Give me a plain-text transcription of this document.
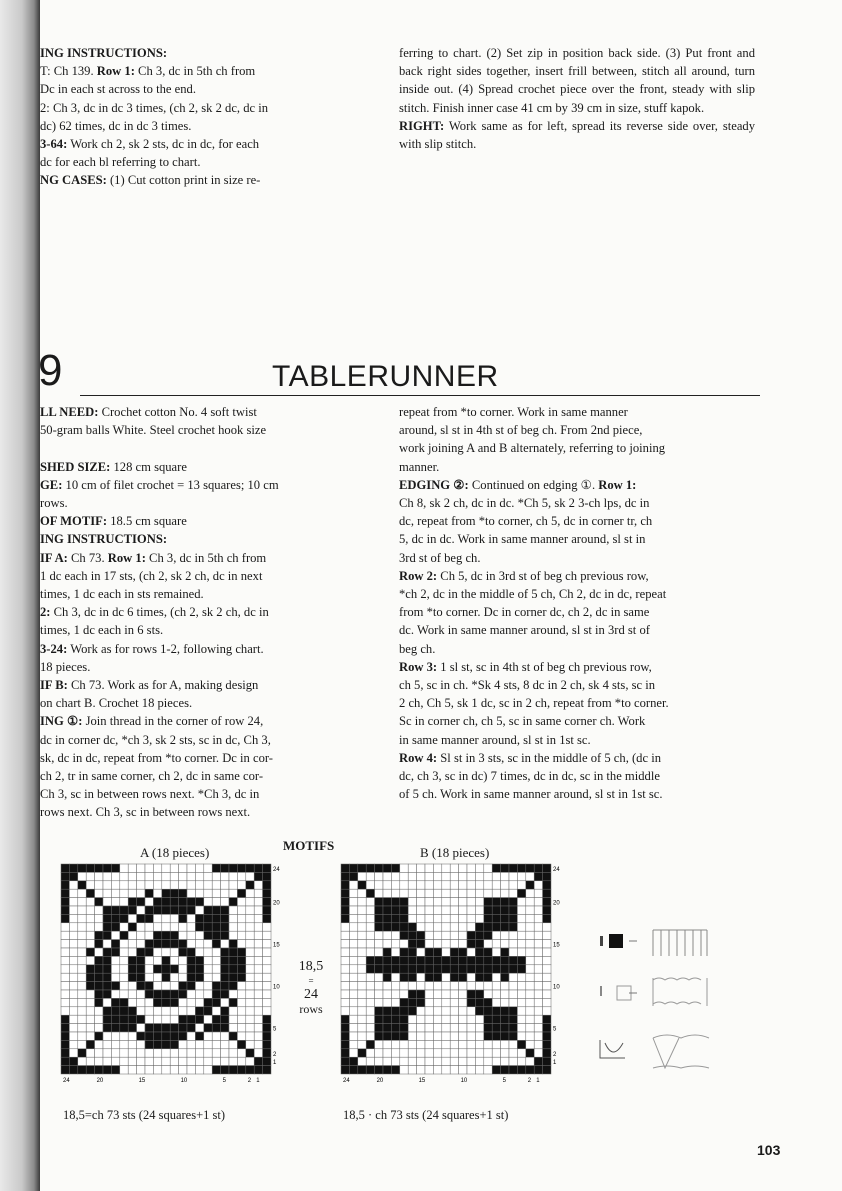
ING INSTRUCTIONS:

T: Ch 139. Row 1: Ch 3, dc in 5th ch from

Dc in each st across to the end.

2: Ch 3, dc in dc 3 times, (ch 2, sk 2 dc, dc in

dc) 62 times, dc in dc 3 times.

3-64: Work ch 2, sk 2 sts, dc in dc, for each

dc for each bl referring to chart.

NG CASES: (1) Cut cotton print in size re-

ferring to chart. (2) Set zip in position back side. (3) Put front and back right sides together, insert frill between, stitch all around, turn inside out. (4) Spread crochet piece over the front, steady with slip stitch. Finish inner case 41 cm by 39 cm in size, stuff kapok.

RIGHT: Work same as for left, spread its reverse side over, steady with slip stitch.

9	TABLERUNNER

LL NEED: Crochet cotton No. 4 soft twist

50-gram balls White. Steel crochet hook size

SHED SIZE: 128 cm square

GE: 10 cm of filet crochet = 13 squares; 10 cm

rows.

OF MOTIF: 18.5 cm square

ING INSTRUCTIONS:

IF A: Ch 73. Row 1: Ch 3, dc in 5th ch from

1 dc each in 17 sts, (ch 2, sk 2 ch, dc in next

times, 1 dc each in sts remained.

2: Ch 3, dc in dc 6 times, (ch 2, sk 2 ch, dc in

times, 1 dc each in 6 sts.

3-24: Work as for rows 1-2, following chart.

18 pieces.

IF B: Ch 73. Work as for A, making design

on chart B. Crochet 18 pieces.

ING ①: Join thread in the corner of row 24,

dc in corner dc, *ch 3, sk 2 sts, sc in dc, Ch 3,

sk, dc in dc, repeat from *to corner. Dc in cor-

ch 2, tr in same corner, ch 2, dc in same cor-

Ch 3, sc in between rows next. *Ch 3, dc in

rows next. Ch 3, sc in between rows next.

repeat from *to corner. Work in same manner

around, sl st in 4th st of beg ch. From 2nd piece,

work joining A and B alternately, referring to joining

manner.

EDGING ②: Continued on edging ①. Row 1:

Ch 8, sk 2 ch, dc in dc. *Ch 5, sk 2 3-ch lps, dc in

dc, repeat from *to corner, ch 5, dc in corner tr, ch

5, dc in dc. Work in same manner around, sl st in

3rd st of beg ch.

Row 2: Ch 5, dc in 3rd st of beg ch previous row,

*ch 2, dc in the middle of 5 ch, Ch 2, dc in dc, repeat

from *to corner. Dc in corner dc, ch 2, dc in same

dc. Work in same manner around, sl st in 3rd st of

beg ch.

Row 3: 1 sl st, sc in 4th st of beg ch previous row,

ch 5, sc in ch. *Sk 4 sts, 8 dc in 2 ch, sk 4 sts, sc in

2 ch, Ch 5, sk 1 dc, sc in 2 ch, repeat from *to corner.

Sc in corner ch, ch 5, sc in same corner ch. Work

in same manner around, sl st in 1st sc.

Row 4: Sl st in 3 sts, sc in the middle of 5 ch, (dc in

dc, ch 3, sc in dc) 7 times, dc in dc, sc in the middle

of 5 ch. Work in same manner around, sl st in 1st sc.

A (18 pieces)	MOTIFS	B (18 pieces)
24
20
15
10
5
2
1
24	20	15	10	5	2 1
24
20
15
10
5
2
1
24	20	15	10	5	2 1
18,5
=
24
rows
18,5=ch 73 sts (24 squares+1 st)	18,5 · ch 73 sts (24 squares+1 st)
103
